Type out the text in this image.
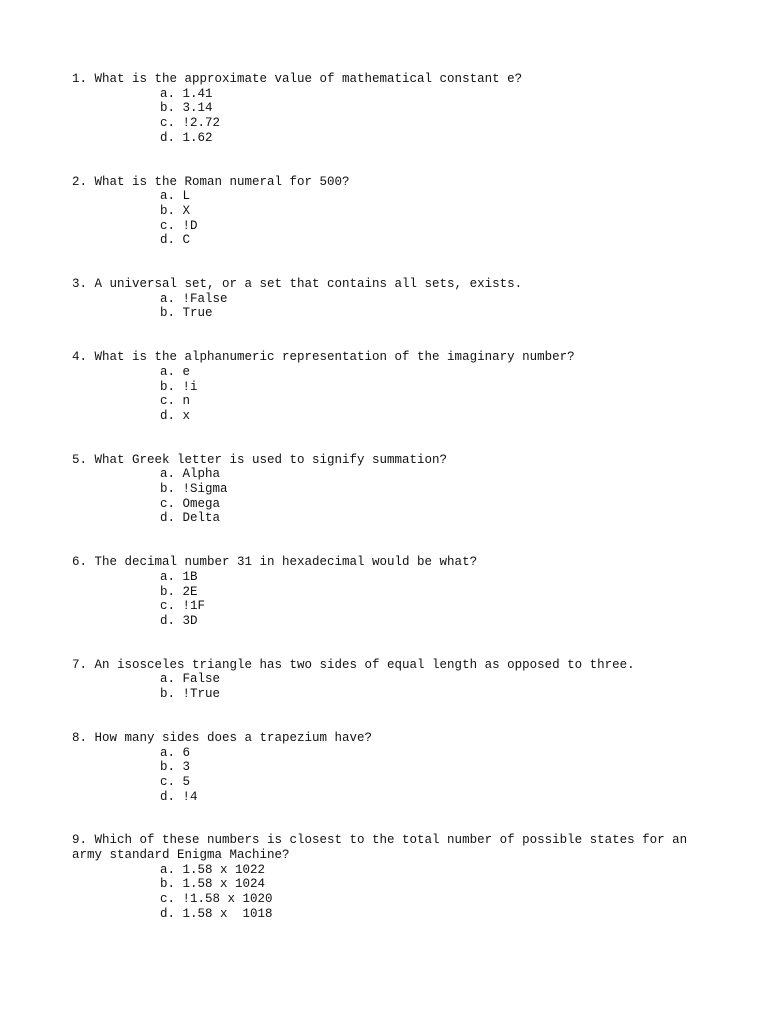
1. What is the approximate value of mathematical constant e?

a. 1.41
b. 3.14
c. !2.72
d. 1.62

2. What is the Roman numeral for 500?

a. L
b. X
c. !D
d. C

3. A universal set, or a set that contains all sets, exists.

a. !False
b. True

4. What is the alphanumeric representation of the imaginary number?

a. e
b. !i
c. n
d. x

5. What Greek letter is used to signify summation?

a. Alpha
b. !Sigma
c. Omega
d. Delta

6. The decimal number 31 in hexadecimal would be what?

a. 1B
b. 2E
c. !1F
d. 3D

7. An isosceles triangle has two sides of equal length as opposed to three.

a. False
b. !True

8. How many sides does a trapezium have?

a. 6
b. 3
c. 5
d. !4

9. Which of these numbers is closest to the total number of possible states for an army standard Enigma Machine?

a. 1.58 x 1022
b. 1.58 x 1024
c. !1.58 x 1020
d. 1.58 x  1018
